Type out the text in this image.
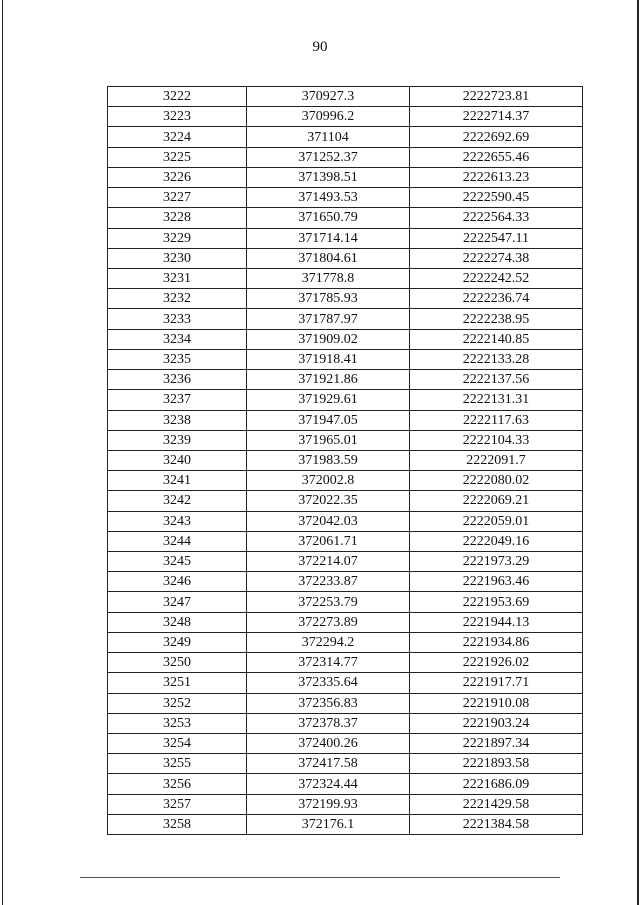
90
3222	370927.3	2222723.81
3223	370996.2	2222714.37
3224	371104	2222692.69
3225	371252.37	2222655.46
3226	371398.51	2222613.23
3227	371493.53	2222590.45
3228	371650.79	2222564.33
3229	371714.14	2222547.11
3230	371804.61	2222274.38
3231	371778.8	2222242.52
3232	371785.93	2222236.74
3233	371787.97	2222238.95
3234	371909.02	2222140.85
3235	371918.41	2222133.28
3236	371921.86	2222137.56
3237	371929.61	2222131.31
3238	371947.05	2222117.63
3239	371965.01	2222104.33
3240	371983.59	2222091.7
3241	372002.8	2222080.02
3242	372022.35	2222069.21
3243	372042.03	2222059.01
3244	372061.71	2222049.16
3245	372214.07	2221973.29
3246	372233.87	2221963.46
3247	372253.79	2221953.69
3248	372273.89	2221944.13
3249	372294.2	2221934.86
3250	372314.77	2221926.02
3251	372335.64	2221917.71
3252	372356.83	2221910.08
3253	372378.37	2221903.24
3254	372400.26	2221897.34
3255	372417.58	2221893.58
3256	372324.44	2221686.09
3257	372199.93	2221429.58
3258	372176.1	2221384.58
